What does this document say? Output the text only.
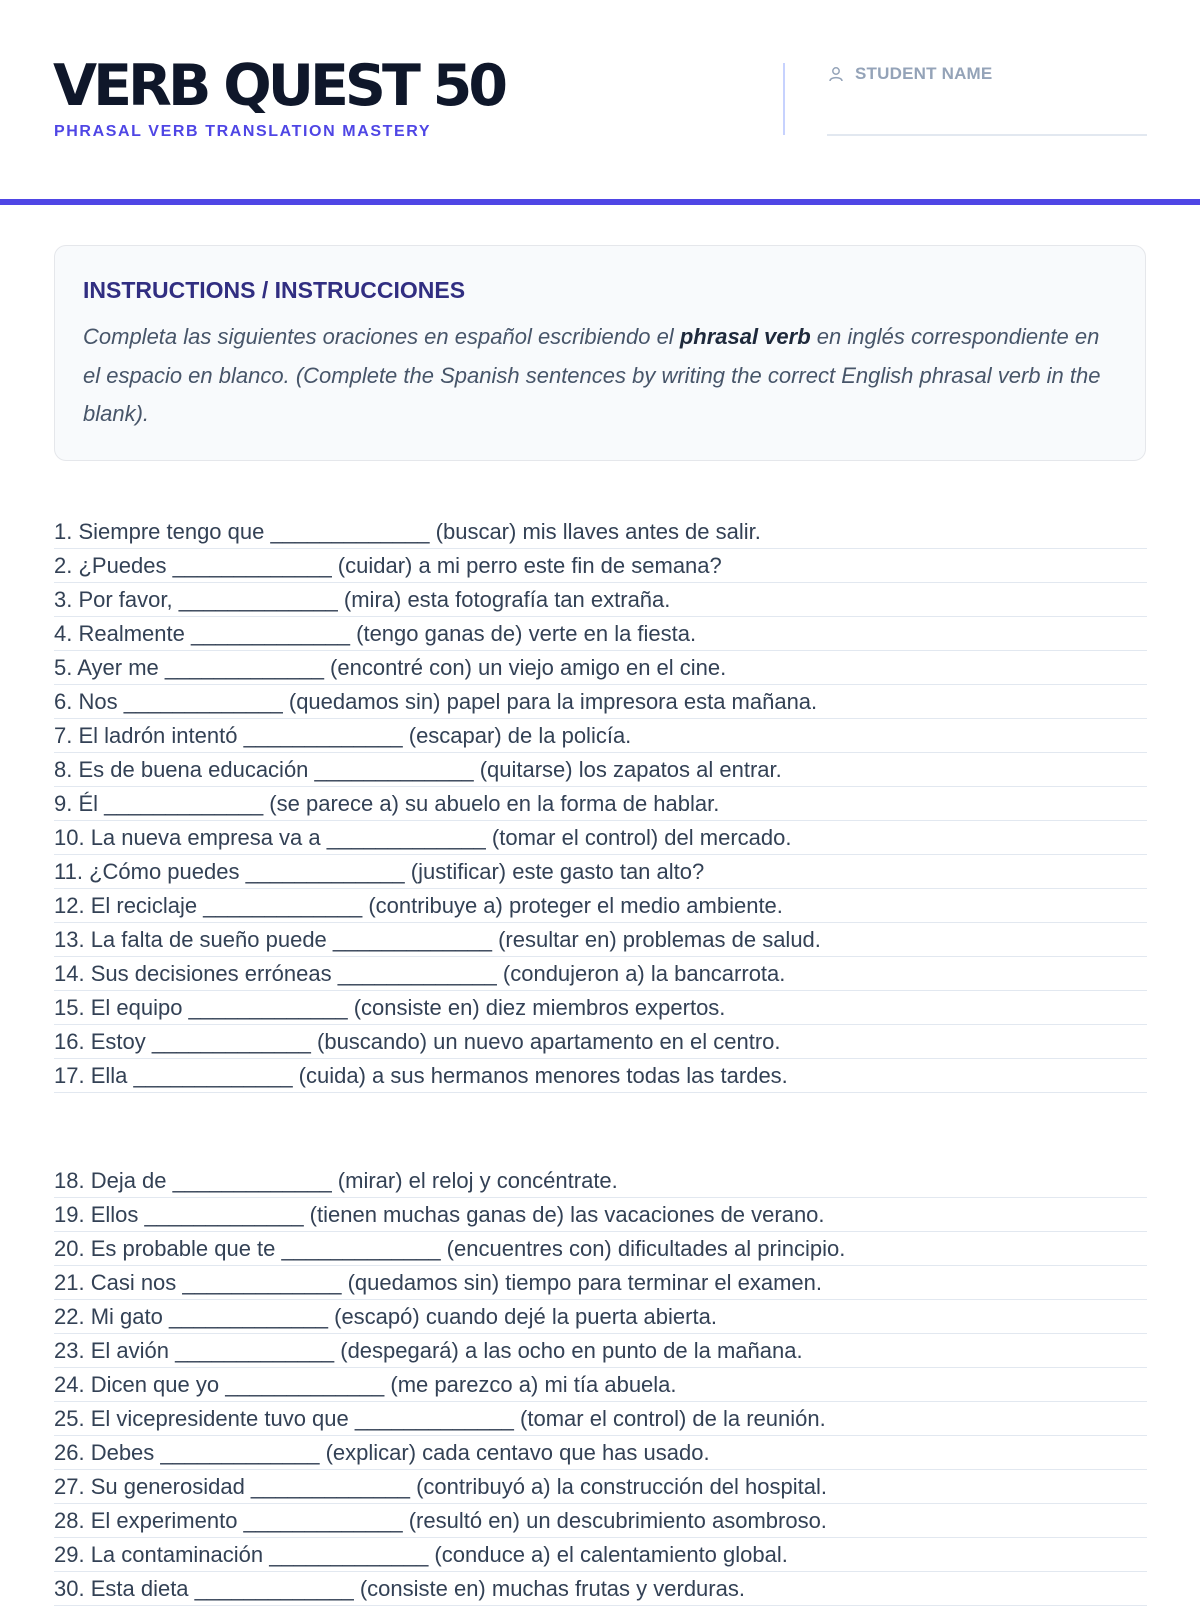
VERB QUEST 50
PHRASAL VERB TRANSLATION MASTERY
STUDENT NAME
INSTRUCTIONS / INSTRUCCIONES

Completa las siguientes oraciones en español escribiendo el phrasal verb en inglés correspondiente en el espacio en blanco. (Complete the Spanish sentences by writing the correct English phrasal verb in the blank).

1. Siempre tengo que _____________ (buscar) mis llaves antes de salir.
2. ¿Puedes _____________ (cuidar) a mi perro este fin de semana?
3. Por favor, _____________ (mira) esta fotografía tan extraña.
4. Realmente _____________ (tengo ganas de) verte en la fiesta.
5. Ayer me _____________ (encontré con) un viejo amigo en el cine.
6. Nos _____________ (quedamos sin) papel para la impresora esta mañana.
7. El ladrón intentó _____________ (escapar) de la policía.
8. Es de buena educación _____________ (quitarse) los zapatos al entrar.
9. Él _____________ (se parece a) su abuelo en la forma de hablar.
10. La nueva empresa va a _____________ (tomar el control) del mercado.
11. ¿Cómo puedes _____________ (justificar) este gasto tan alto?
12. El reciclaje _____________ (contribuye a) proteger el medio ambiente.
13. La falta de sueño puede _____________ (resultar en) problemas de salud.
14. Sus decisiones erróneas _____________ (condujeron a) la bancarrota.
15. El equipo _____________ (consiste en) diez miembros expertos.
16. Estoy _____________ (buscando) un nuevo apartamento en el centro.
17. Ella _____________ (cuida) a sus hermanos menores todas las tardes.
18. Deja de _____________ (mirar) el reloj y concéntrate.
19. Ellos _____________ (tienen muchas ganas de) las vacaciones de verano.
20. Es probable que te _____________ (encuentres con) dificultades al principio.
21. Casi nos _____________ (quedamos sin) tiempo para terminar el examen.
22. Mi gato _____________ (escapó) cuando dejé la puerta abierta.
23. El avión _____________ (despegará) a las ocho en punto de la mañana.
24. Dicen que yo _____________ (me parezco a) mi tía abuela.
25. El vicepresidente tuvo que _____________ (tomar el control) de la reunión.
26. Debes _____________ (explicar) cada centavo que has usado.
27. Su generosidad _____________ (contribuyó a) la construcción del hospital.
28. El experimento _____________ (resultó en) un descubrimiento asombroso.
29. La contaminación _____________ (conduce a) el calentamiento global.
30. Esta dieta _____________ (consiste en) muchas frutas y verduras.
